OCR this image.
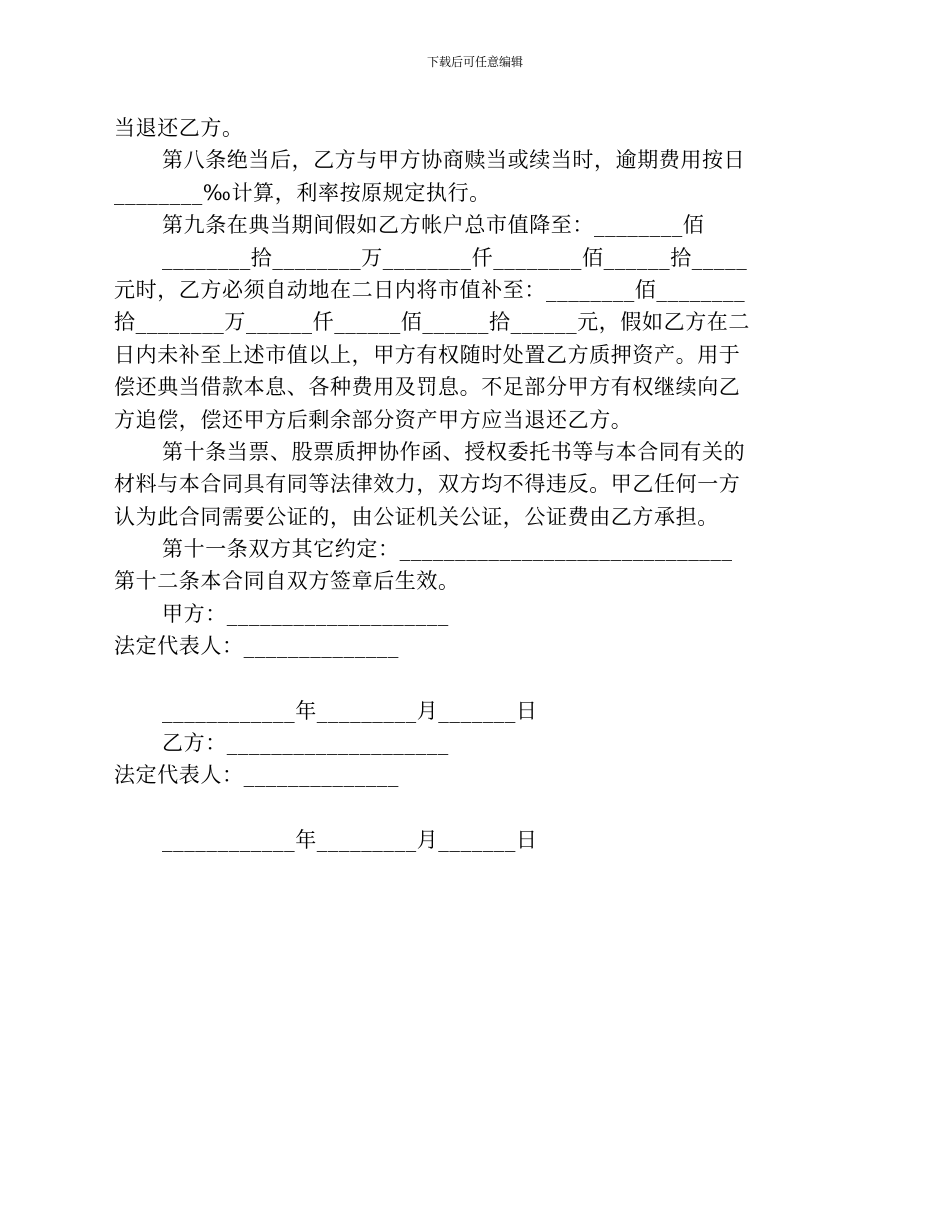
下载后可任意编辑
当退还乙方。
第八条绝当后，乙方与甲方协商赎当或续当时，逾期费用按日
________‰计算，利率按原规定执行。
第九条在典当期间假如乙方帐户总市值降至：________佰
________拾________万________仟________佰______拾_____
元时，乙方必须自动地在二日内将市值补至：________佰________
拾________万______仟______佰______拾______元，假如乙方在二
日内未补至上述市值以上，甲方有权随时处置乙方质押资产。用于
偿还典当借款本息、各种费用及罚息。不足部分甲方有权继续向乙
方追偿，偿还甲方后剩余部分资产甲方应当退还乙方。
第十条当票、股票质押协作函、授权委托书等与本合同有关的
材料与本合同具有同等法律效力，双方均不得违反。甲乙任何一方
认为此合同需要公证的，由公证机关公证，公证费由乙方承担。
第十一条双方其它约定：______________________________
第十二条本合同自双方签章后生效。
甲方：____________________
法定代表人：______________
____________年_________月_______日
乙方：____________________
法定代表人：______________
____________年_________月_______日
